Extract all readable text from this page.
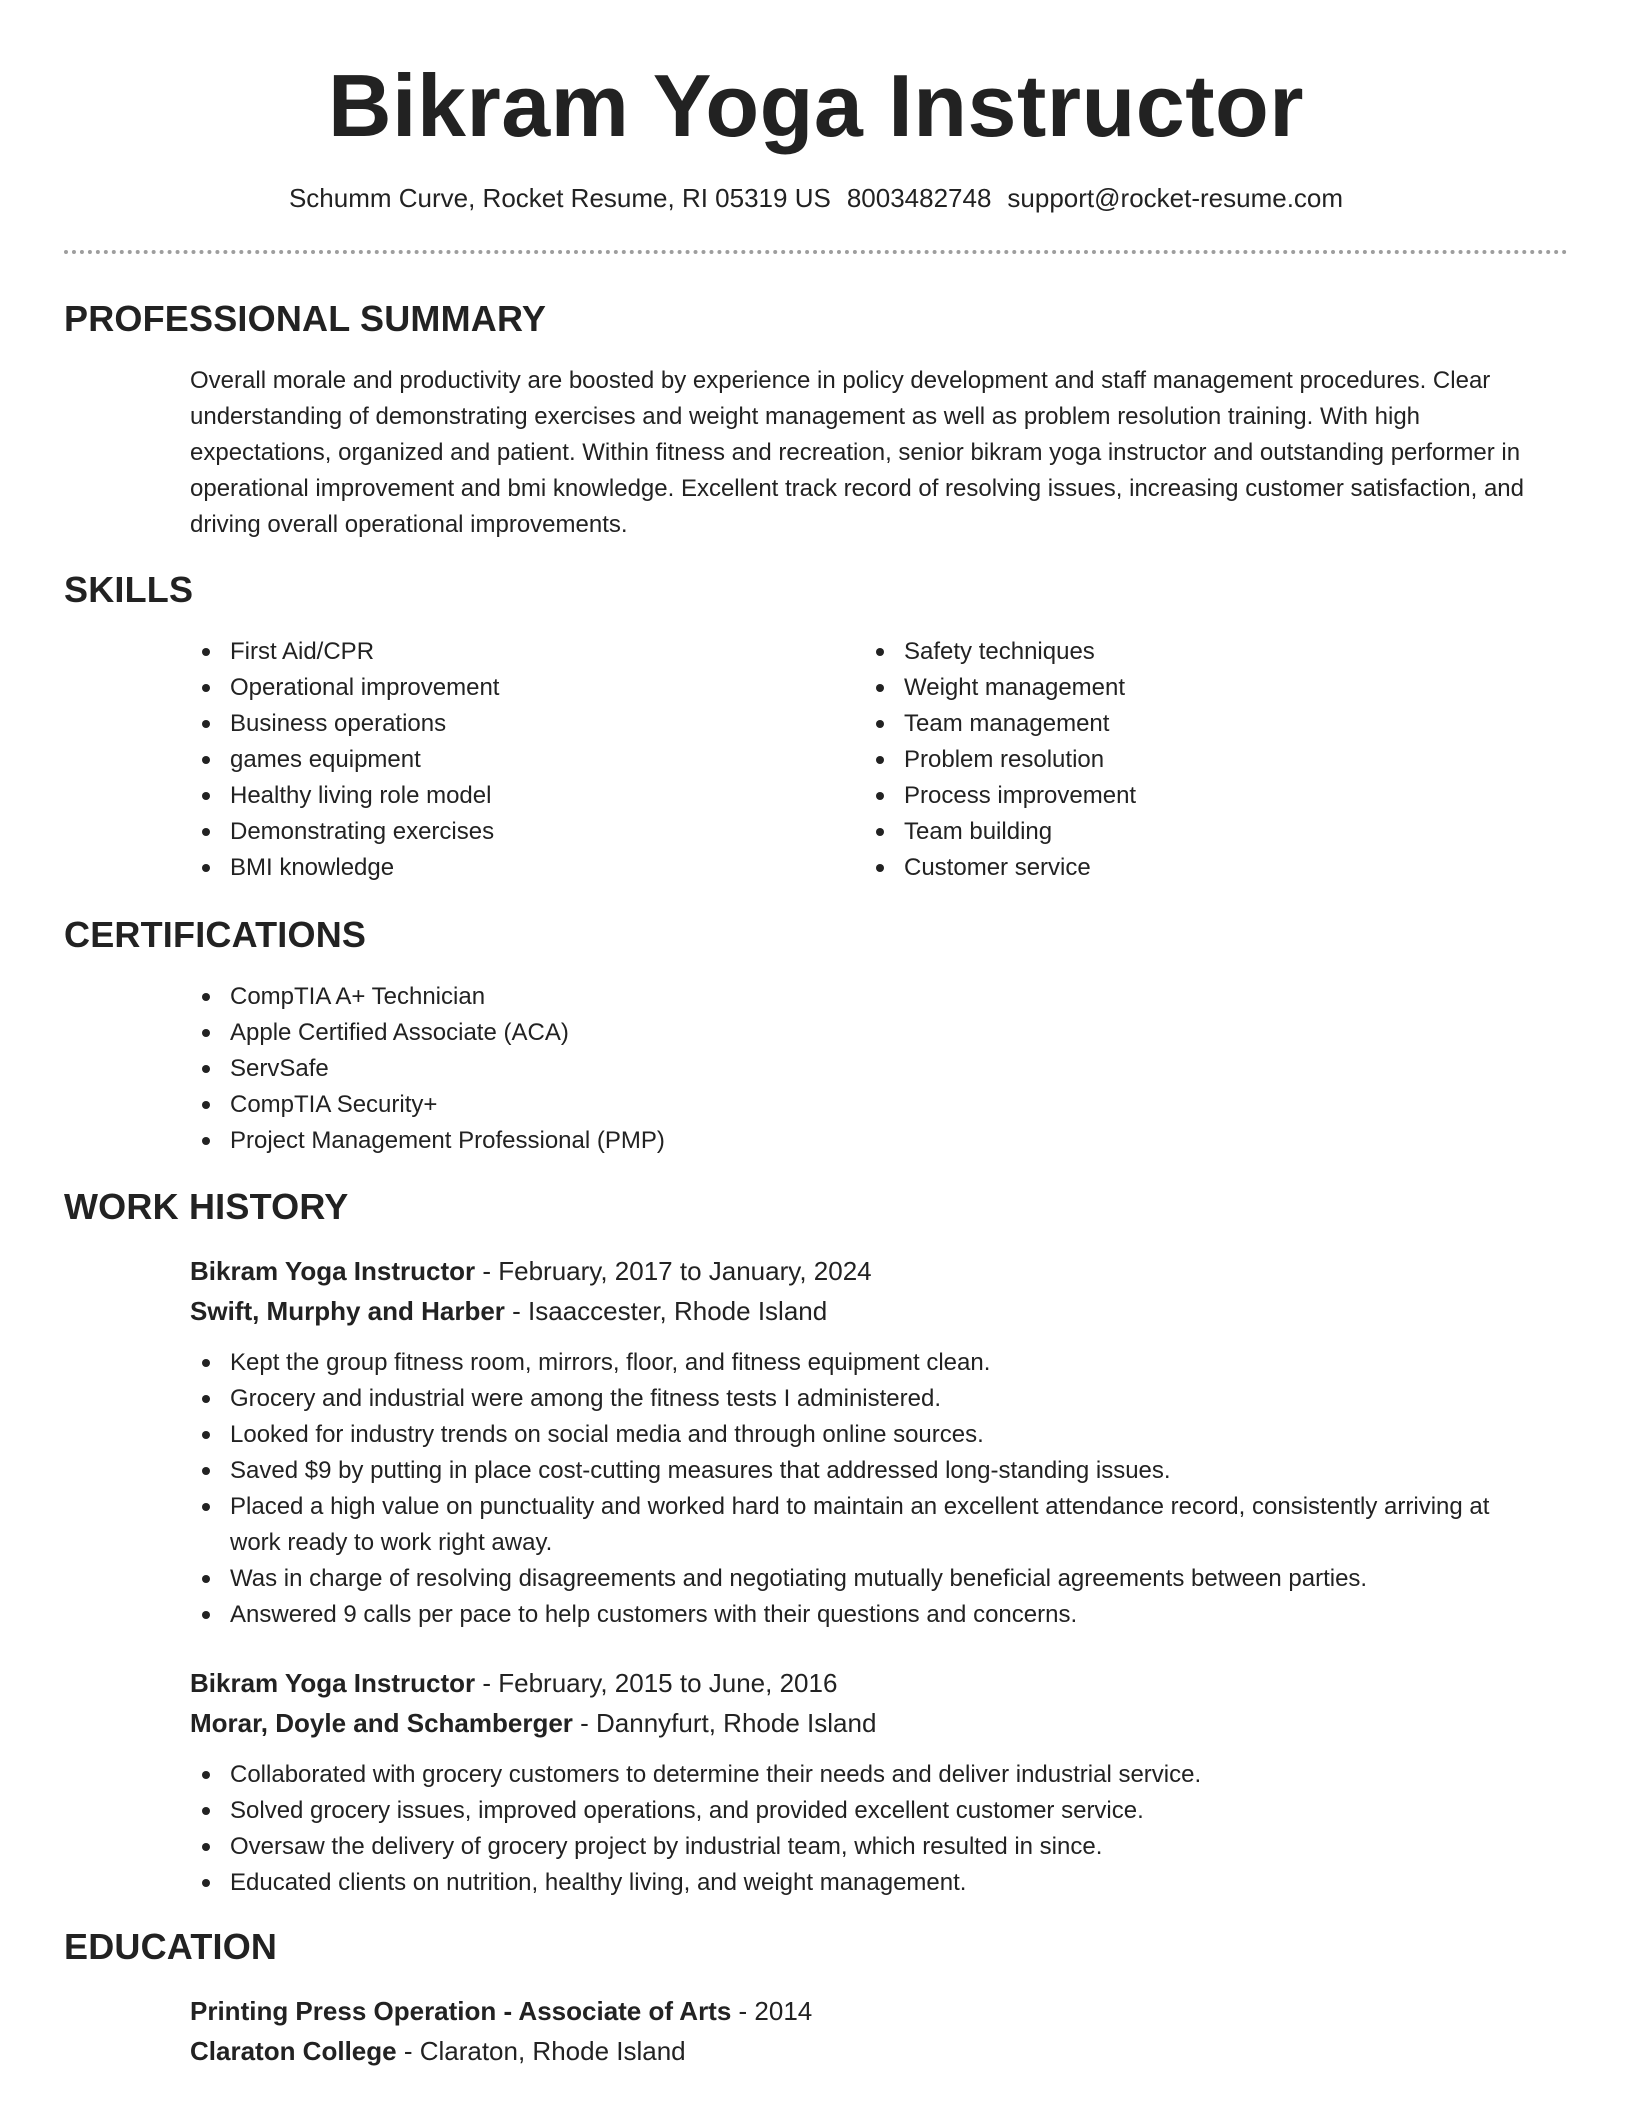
Bikram Yoga Instructor
Schumm Curve, Rocket Resume, RI 05319 US 8003482748 support@rocket-resume.com
PROFESSIONAL SUMMARY
Overall morale and productivity are boosted by experience in policy development and staff management procedures. Clear understanding of demonstrating exercises and weight management as well as problem resolution training. With high expectations, organized and patient. Within fitness and recreation, senior bikram yoga instructor and outstanding performer in operational improvement and bmi knowledge. Excellent track record of resolving issues, increasing customer satisfaction, and driving overall operational improvements.
SKILLS
First Aid/CPR
Operational improvement
Business operations
games equipment
Healthy living role model
Demonstrating exercises
BMI knowledge
Safety techniques
Weight management
Team management
Problem resolution
Process improvement
Team building
Customer service
CERTIFICATIONS
CompTIA A+ Technician
Apple Certified Associate (ACA)
ServSafe
CompTIA Security+
Project Management Professional (PMP)
WORK HISTORY
Bikram Yoga Instructor - February, 2017 to January, 2024
Swift, Murphy and Harber - Isaaccester, Rhode Island
Kept the group fitness room, mirrors, floor, and fitness equipment clean.
Grocery and industrial were among the fitness tests I administered.
Looked for industry trends on social media and through online sources.
Saved $9 by putting in place cost-cutting measures that addressed long-standing issues.
Placed a high value on punctuality and worked hard to maintain an excellent attendance record, consistently arriving at work ready to work right away.
Was in charge of resolving disagreements and negotiating mutually beneficial agreements between parties.
Answered 9 calls per pace to help customers with their questions and concerns.
Bikram Yoga Instructor - February, 2015 to June, 2016
Morar, Doyle and Schamberger - Dannyfurt, Rhode Island
Collaborated with grocery customers to determine their needs and deliver industrial service.
Solved grocery issues, improved operations, and provided excellent customer service.
Oversaw the delivery of grocery project by industrial team, which resulted in since.
Educated clients on nutrition, healthy living, and weight management.
EDUCATION
Printing Press Operation - Associate of Arts - 2014
Claraton College - Claraton, Rhode Island
